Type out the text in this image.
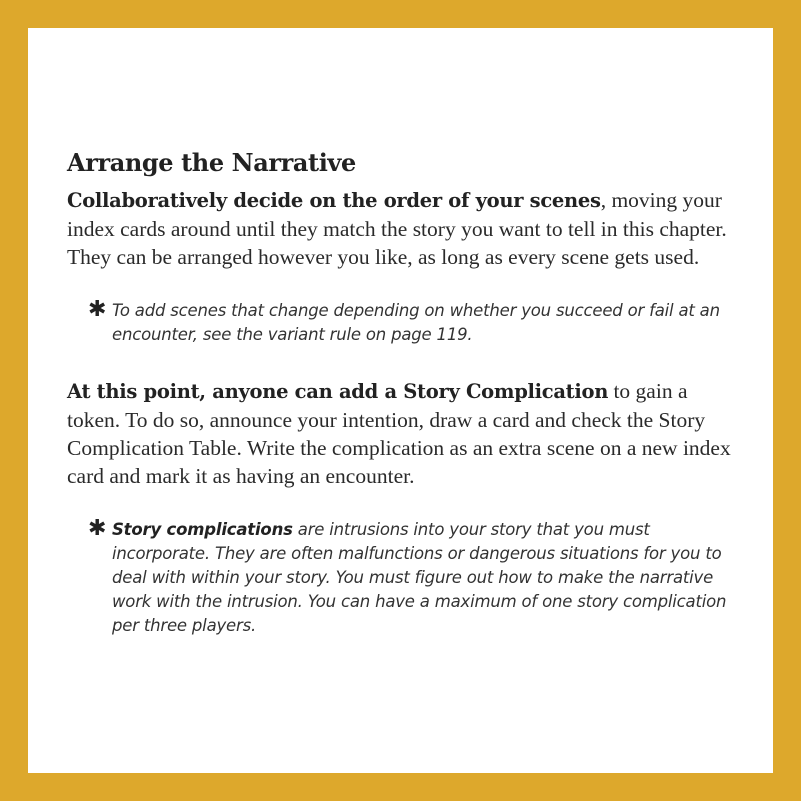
Arrange the Narrative

Collaboratively decide on the order of your scenes, moving your index cards around until they match the story you want to tell in this chapter. They can be arranged however you like, as long as every scene gets used.

✱ To add scenes that change depending on whether you succeed or fail at an encounter, see the variant rule on page 119.

At this point, anyone can add a Story Complication to gain a token. To do so, announce your intention, draw a card and check the Story Complication Table. Write the complication as an extra scene on a new index card and mark it as having an encounter.

✱ Story complications are intrusions into your story that you must incorporate. They are often malfunctions or dangerous situations for you to deal with within your story. You must figure out how to make the narrative work with the intrusion. You can have a maximum of one story complication per three players.
